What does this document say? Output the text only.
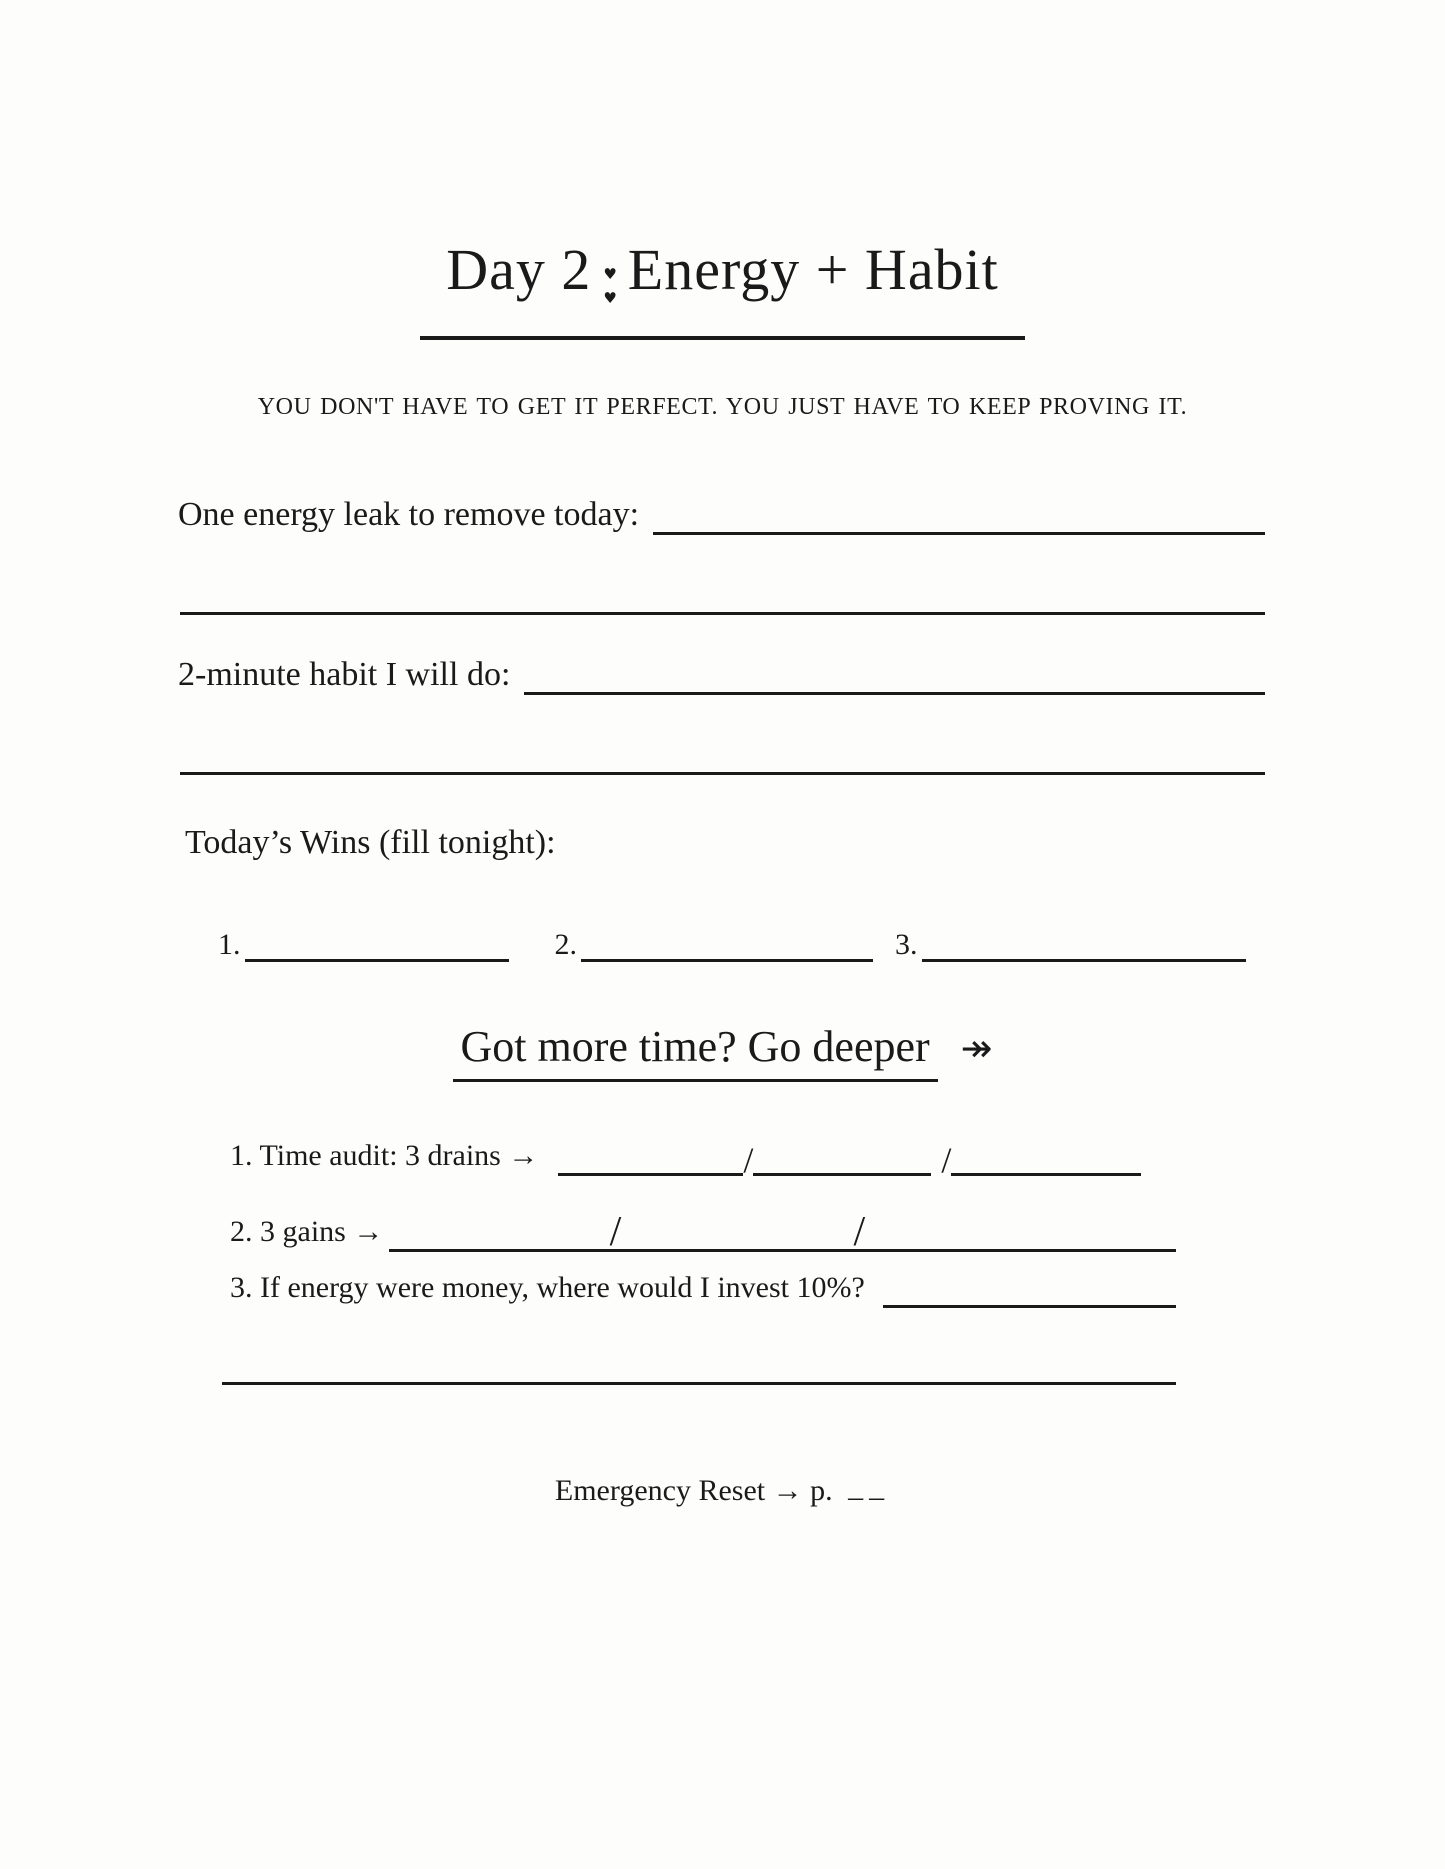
Day 2 ♥
♥ Energy + Habit

YOU DON'T HAVE TO GET IT PERFECT. YOU JUST HAVE TO KEEP PROVING IT.

One energy leak to remove today:
2-minute habit I will do:

Today’s Wins (fill tonight):

1.	2.	3.
Got more time? Go deeper ↠
1. Time audit: 3 drains →	/	/
2. 3 gains →	/	/
3. If energy were money, where would I invest 10%?

Emergency Reset → p. __
